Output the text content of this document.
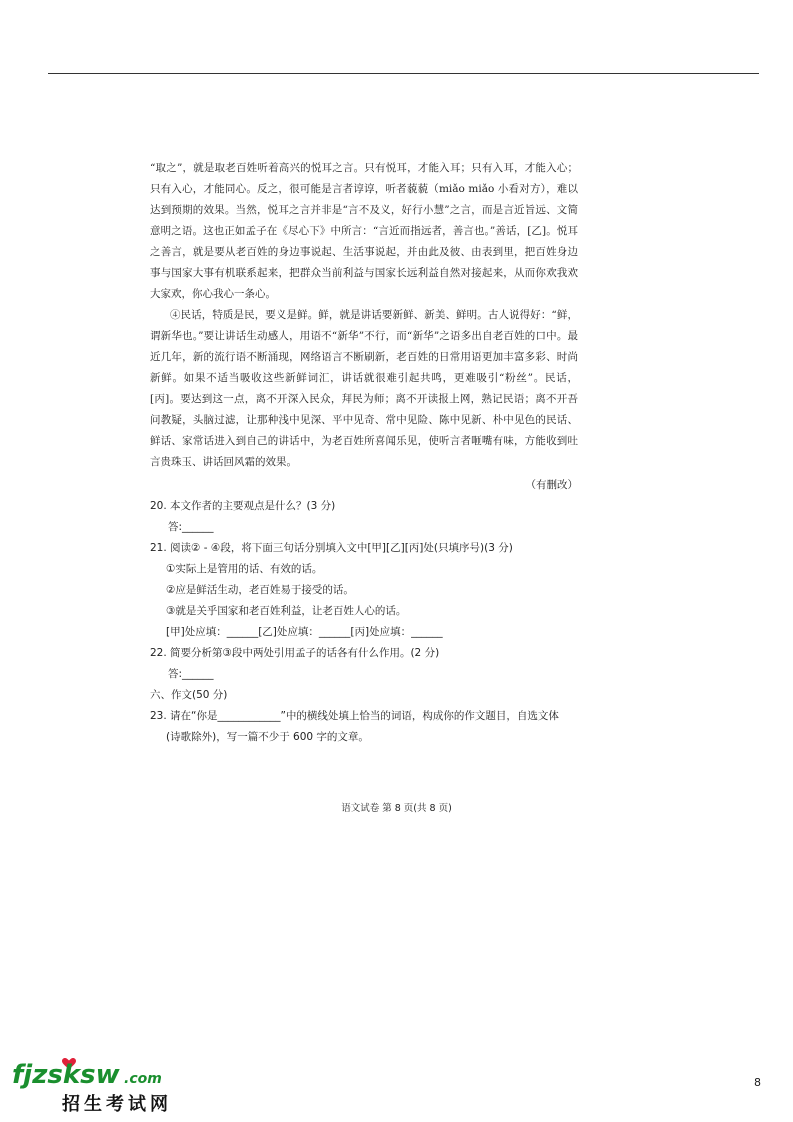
“取之”，就是取老百姓听着高兴的悦耳之言。只有悦耳，才能入耳；只有入耳，才能入心；只有入心，才能同心。反之，很可能是言者谆谆，听者藐藐（miǎo miǎo 小看对方），难以达到预期的效果。当然，悦耳之言并非是“言不及义，好行小慧”之言，而是言近旨远、文简意明之语。这也正如孟子在《尽心下》中所言：“言近而指远者，善言也。”善话，[乙]。悦耳之善言，就是要从老百姓的身边事说起、生活事说起，并由此及彼、由表到里，把百姓身边事与国家大事有机联系起来，把群众当前利益与国家长远利益自然对接起来，从而你欢我欢大家欢，你心我心一条心。

④民话，特质是民，要义是鲜。鲜，就是讲话要新鲜、新美、鲜明。古人说得好：“鲜，谓新华也。”要让讲话生动感人，用语不“新华”不行，而“新华”之语多出自老百姓的口中。最近几年，新的流行语不断涌现，网络语言不断刷新，老百姓的日常用语更加丰富多彩、时尚新鲜。如果不适当吸收这些新鲜词汇，讲话就很难引起共鸣，更难吸引“粉丝”。民话，[丙]。要达到这一点，离不开深入民众，拜民为师；离不开读报上网，熟记民语；离不开吾问教疑，头脑过滤，让那种浅中见深、平中见奇、常中见险、陈中见新、朴中见色的民话、鲜话、家常话进入到自己的讲话中，为老百姓所喜闻乐见，使听言者咂嘴有味，方能收到吐言贵珠玉、讲话回风霜的效果。

（有删改）

20. 本文作者的主要观点是什么？(3 分)

答:______

21. 阅读② - ④段，将下面三句话分别填入文中[甲][乙][丙]处(只填序号)(3 分)

①实际上是管用的话、有效的话。

②应是鲜活生动，老百姓易于接受的话。

③就是关乎国家和老百姓利益，让老百姓人心的话。

[甲]处应填：______[乙]处应填：______[丙]处应填：______

22. 简要分析第③段中两处引用孟子的话各有什么作用。(2 分)

答:______

六、作文(50 分)

23. 请在“你是____________”中的横线处填上恰当的词语，构成你的作文题目，自选文体

(诗歌除外)，写一篇不少于 600 字的文章。

语文试卷 第 8 页(共 8 页)
8
fjzsksw .com
招生考试网
